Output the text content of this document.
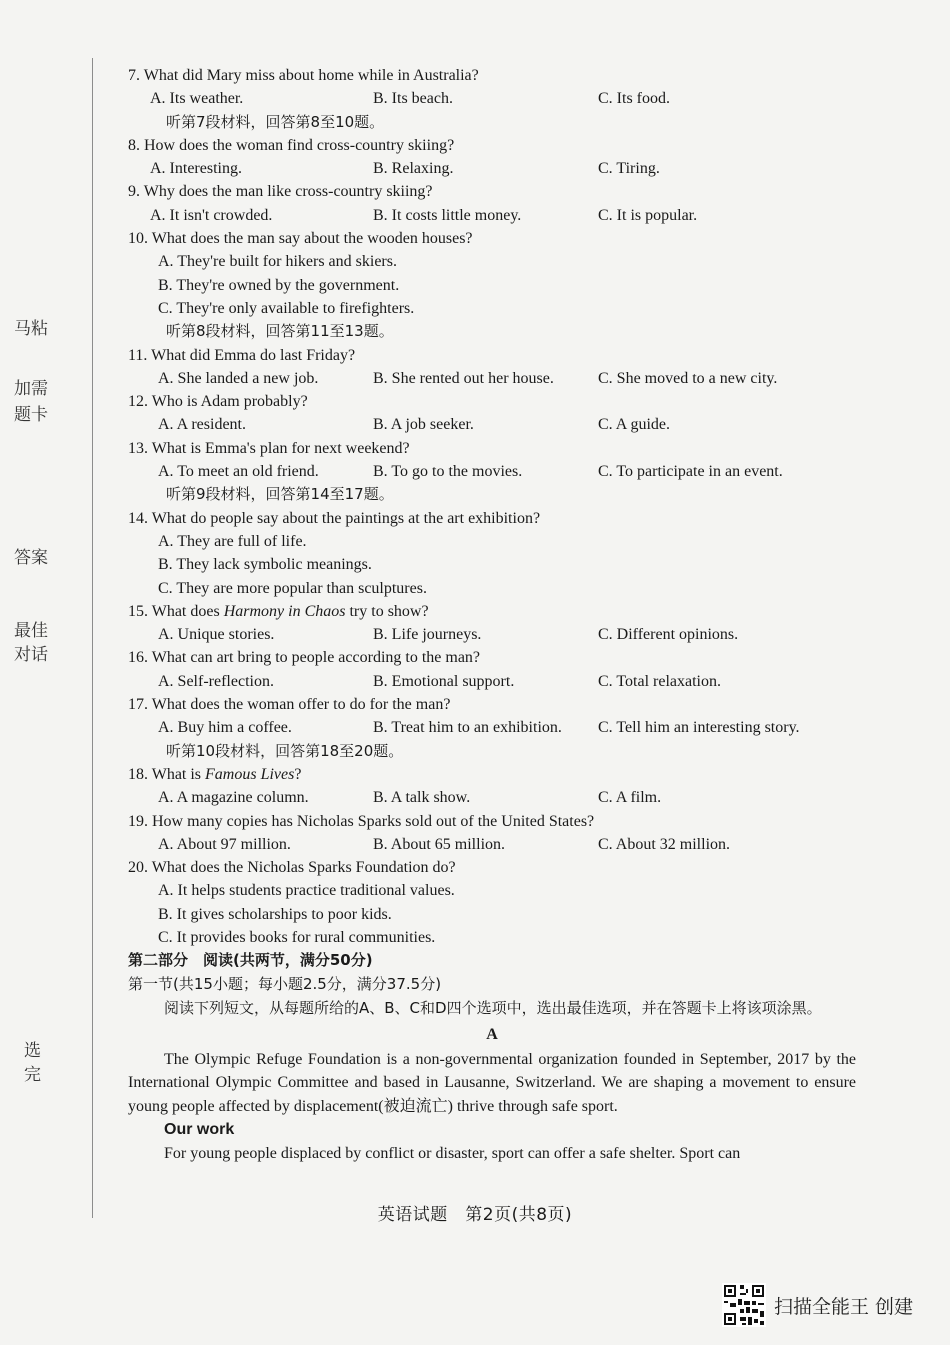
马粘
加需
题卡
答案
最佳
对话
选
完
7. What did Mary miss about home while in Australia?
A. Its weather.	B. Its beach.	C. Its food.
听第7段材料，回答第8至10题。
8. How does the woman find cross-country skiing?
A. Interesting.	B. Relaxing.	C. Tiring.
9. Why does the man like cross-country skiing?
A. It isn't crowded.	B. It costs little money.	C. It is popular.
10. What does the man say about the wooden houses?
A. They're built for hikers and skiers.
B. They're owned by the government.
C. They're only available to firefighters.
听第8段材料，回答第11至13题。
11. What did Emma do last Friday?
A. She landed a new job.	B. She rented out her house.	C. She moved to a new city.
12. Who is Adam probably?
A. A resident.	B. A job seeker.	C. A guide.
13. What is Emma's plan for next weekend?
A. To meet an old friend.	B. To go to the movies.	C. To participate in an event.
听第9段材料，回答第14至17题。
14. What do people say about the paintings at the art exhibition?
A. They are full of life.
B. They lack symbolic meanings.
C. They are more popular than sculptures.
15. What does Harmony in Chaos try to show?
A. Unique stories.	B. Life journeys.	C. Different opinions.
16. What can art bring to people according to the man?
A. Self-reflection.	B. Emotional support.	C. Total relaxation.
17. What does the woman offer to do for the man?
A. Buy him a coffee.	B. Treat him to an exhibition. C. Tell him an interesting story.
听第10段材料，回答第18至20题。
18. What is Famous Lives?
A. A magazine column.	B. A talk show.	C. A film.
19. How many copies has Nicholas Sparks sold out of the United States?
A. About 97 million.	B. About 65 million.	C. About 32 million.
20. What does the Nicholas Sparks Foundation do?
A. It helps students practice traditional values.
B. It gives scholarships to poor kids.
C. It provides books for rural communities.
第二部分　阅读(共两节，满分50分)
第一节(共15小题；每小题2.5分，满分37.5分)
阅读下列短文，从每题所给的A、B、C和D四个选项中，选出最佳选项，并在答题卡上将该项涂黑。
A
The Olympic Refuge Foundation is a non-governmental organization founded in September, 2017 by the International Olympic Committee and based in Lausanne, Switzerland. We are shaping a movement to ensure young people affected by displacement(被迫流亡) thrive through safe sport.
Our work
For young people displaced by conflict or disaster, sport can offer a safe shelter. Sport can
英语试题　第2页(共8页)
扫描全能王 创建
